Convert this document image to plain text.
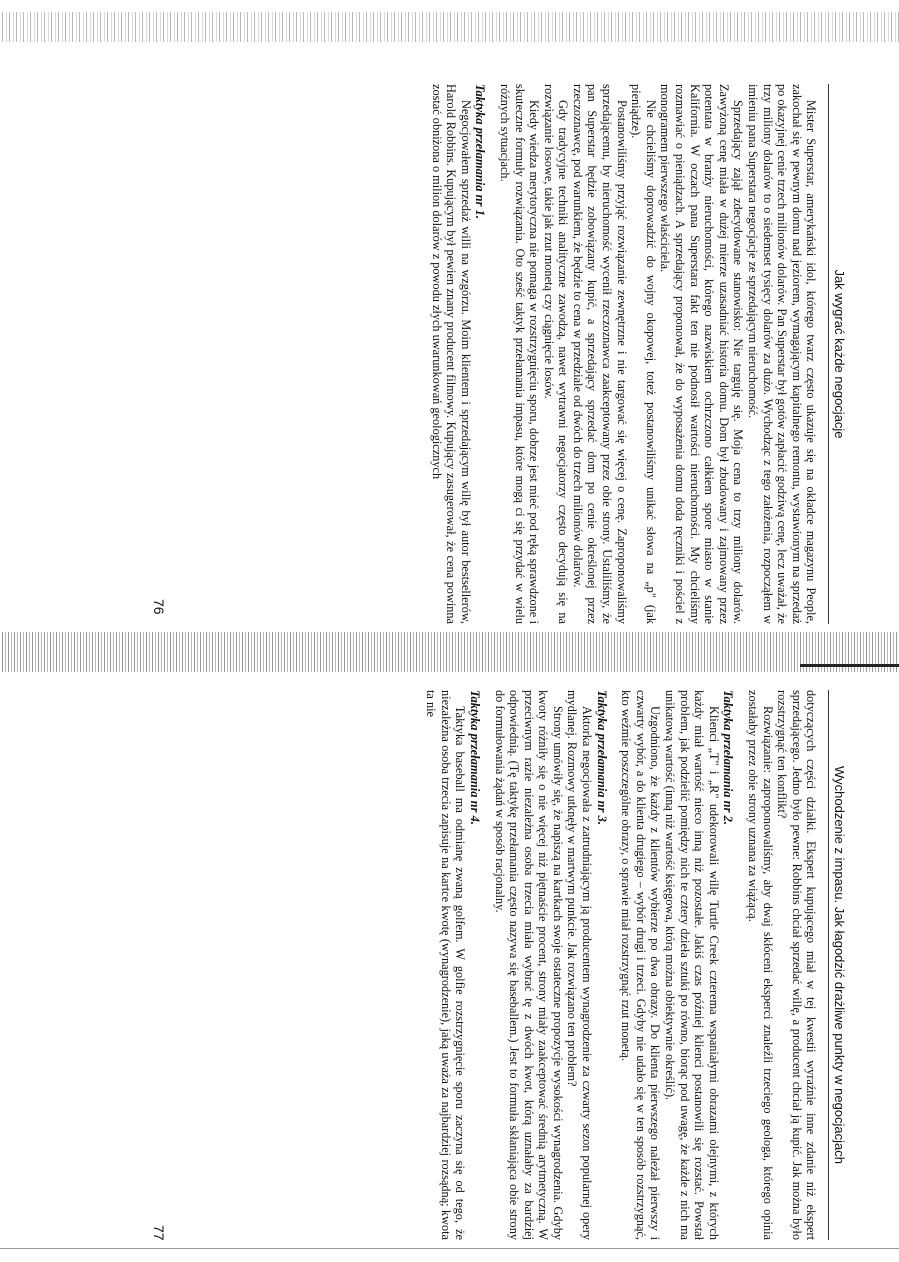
Jak wygrać każde negocjacje

Mister Superstar, amerykański idol, którego twarz często ukazuje się na okładce magazynu People, zakochał się w pewnym domu nad jeziorem, wymagającym kapitalnego remontu, wystawionym na sprzedaż po okazyjnej cenie trzech milionów dolarów. Pan Superstar był gotów zapłacić godziwą cenę, lecz uważał, że trzy miliony dolarów to o siedemset tysięcy dolarów za dużo. Wychodząc z tego założenia, rozpocząłem w imieniu pana Superstara negocjacje ze sprzedającym nieruchomość.

Sprzedający zajął zdecydowane stanowisko: Nie targuję się. Moja cena to trzy miliony dolarów. Zawyżoną cenę miała w dużej mierze uzasadniać historia domu. Dom był zbudowany i zajmowany przez potentata w branży nieruchomości, którego nazwiskiem ochrzczono całkiem spore miasto w stanie Kalifornia. W oczach pana Superstara fakt ten nie podnosił wartości nieruchomości. My chcieliśmy rozmawiać o pieniądzach. A sprzedający proponował, że do wyposażenia domu doda ręczniki i pościel z monogramem pierwszego właściciela.

Nie chcieliśmy doprowadzić do wojny okopowej, toteż postanowiliśmy unikać słowa na „p" (jak pieniądze).

Postanowiliśmy przyjąć rozwiązanie zewnętrzne i nie targować się więcej o cenę. Zaproponowaliśmy sprzedającemu, by nieruchomość wycenił rzeczoznawca zaakceptowany przez obie strony. Ustaliliśmy, że pan Superstar będzie zobowiązany kupić, a sprzedający sprzedać dom po cenie określonej przez rzeczoznawcę, pod warunkiem, że będzie to cena w przedziale od dwóch do trzech milionów dolarów.

Gdy tradycyjne techniki analityczne zawodzą, nawet wytrawni negocjatorzy często decydują się na rozwiązanie losowe, takie jak rzut monetą czy ciągnięcie losów.

Kiedy wiedza merytoryczna nie pomaga w rozstrzygnięciu sporu, dobrze jest mieć pod ręką sprawdzone i skuteczne formuły rozwiązania. Oto sześć taktyk przełamania impasu, które mogą ci się przydać w wielu różnych sytuacjach.

Taktyka przełamania nr 1.

Negocjowałem sprzedaż willi na wzgórzu. Moim klientem i sprzedającym willę był autor bestsellerów, Harold Robbins. Kupującym był pewien znany producent filmowy. Kupujący zasugerował, że cena powinna zostać obniżona o milion dolarów z powodu złych uwarunkowań geologicznych

76
Wychodzenie z impasu. Jak łagodzić drażliwe punkty w negocjacjach

dotyczących części działki. Ekspert kupującego miał w tej kwestii wyraźnie inne zdanie niż ekspert sprzedającego. Jedno było pewne: Robbins chciał sprzedać willę, a producent chciał ją kupić. Jak można było rozstrzygnąć ten konflikt?

Rozwiązanie: zaproponowaliśmy, aby dwaj skłóceni eksperci znaleźli trzeciego geologa, którego opinia zostałaby przez obie strony uznana za wiążącą.

Taktyka przełamania nr 2.

Klienci „T" i „R" udekorowali willę Turtle Creek czterema wspaniałymi obrazami olejnymi, z których każdy miał wartość nieco inną niż pozostałe. Jakiś czas później klienci postanowili się rozstać. Powstał problem, jak podzielić pomiędzy nich te cztery dzieła sztuki po równo, biorąc pod uwagę, że każde z nich ma unikatową wartość (inną niż wartość księgowa, którą można obiektywnie określić).

Uzgodniono, że każdy z klientów wybierze po dwa obrazy. Do klienta pierwszego należał pierwszy i czwarty wybór, a do klienta drugiego – wybór drugi i trzeci. Gdyby nie udało się w ten sposób rozstrzygnąć, kto weźmie poszczególne obrazy, o sprawie miał rozstrzygnąć rzut monetą.

Taktyka przełamania nr 3.

Aktorka negocjowała z zatrudniającym ją producentem wynagrodzenie za czwarty sezon popularnej opery mydlanej. Rozmowy utknęły w martwym punkcie. Jak rozwiązano ten problem?

Strony umówiły się, że napiszą na kartkach swoje ostateczne propozycje wysokości wynagrodzenia. Gdyby kwoty różniły się o nie więcej niż piętnaście procent, strony miały zaakceptować średnią arytmetyczną. W przeciwnym razie niezależna osoba trzecia miała wybrać tę z dwóch kwot, którą uznałaby za bardziej odpowiednią. (Tę taktykę przełamania często nazywa się baseballem.) Jest to formuła skłaniająca obie strony do formułowania żądań w sposób racjonalny.

Taktyka przełamania nr 4.

Taktyka baseball ma odmianę zwaną golfem. W golfie rozstrzygnięcie sporu zaczyna się od tego, że niezależna osoba trzecia zapisuje na kartce kwotę (wynagrodzenie), jaką uważa za najbardziej rozsądną; kwota ta nie

77
